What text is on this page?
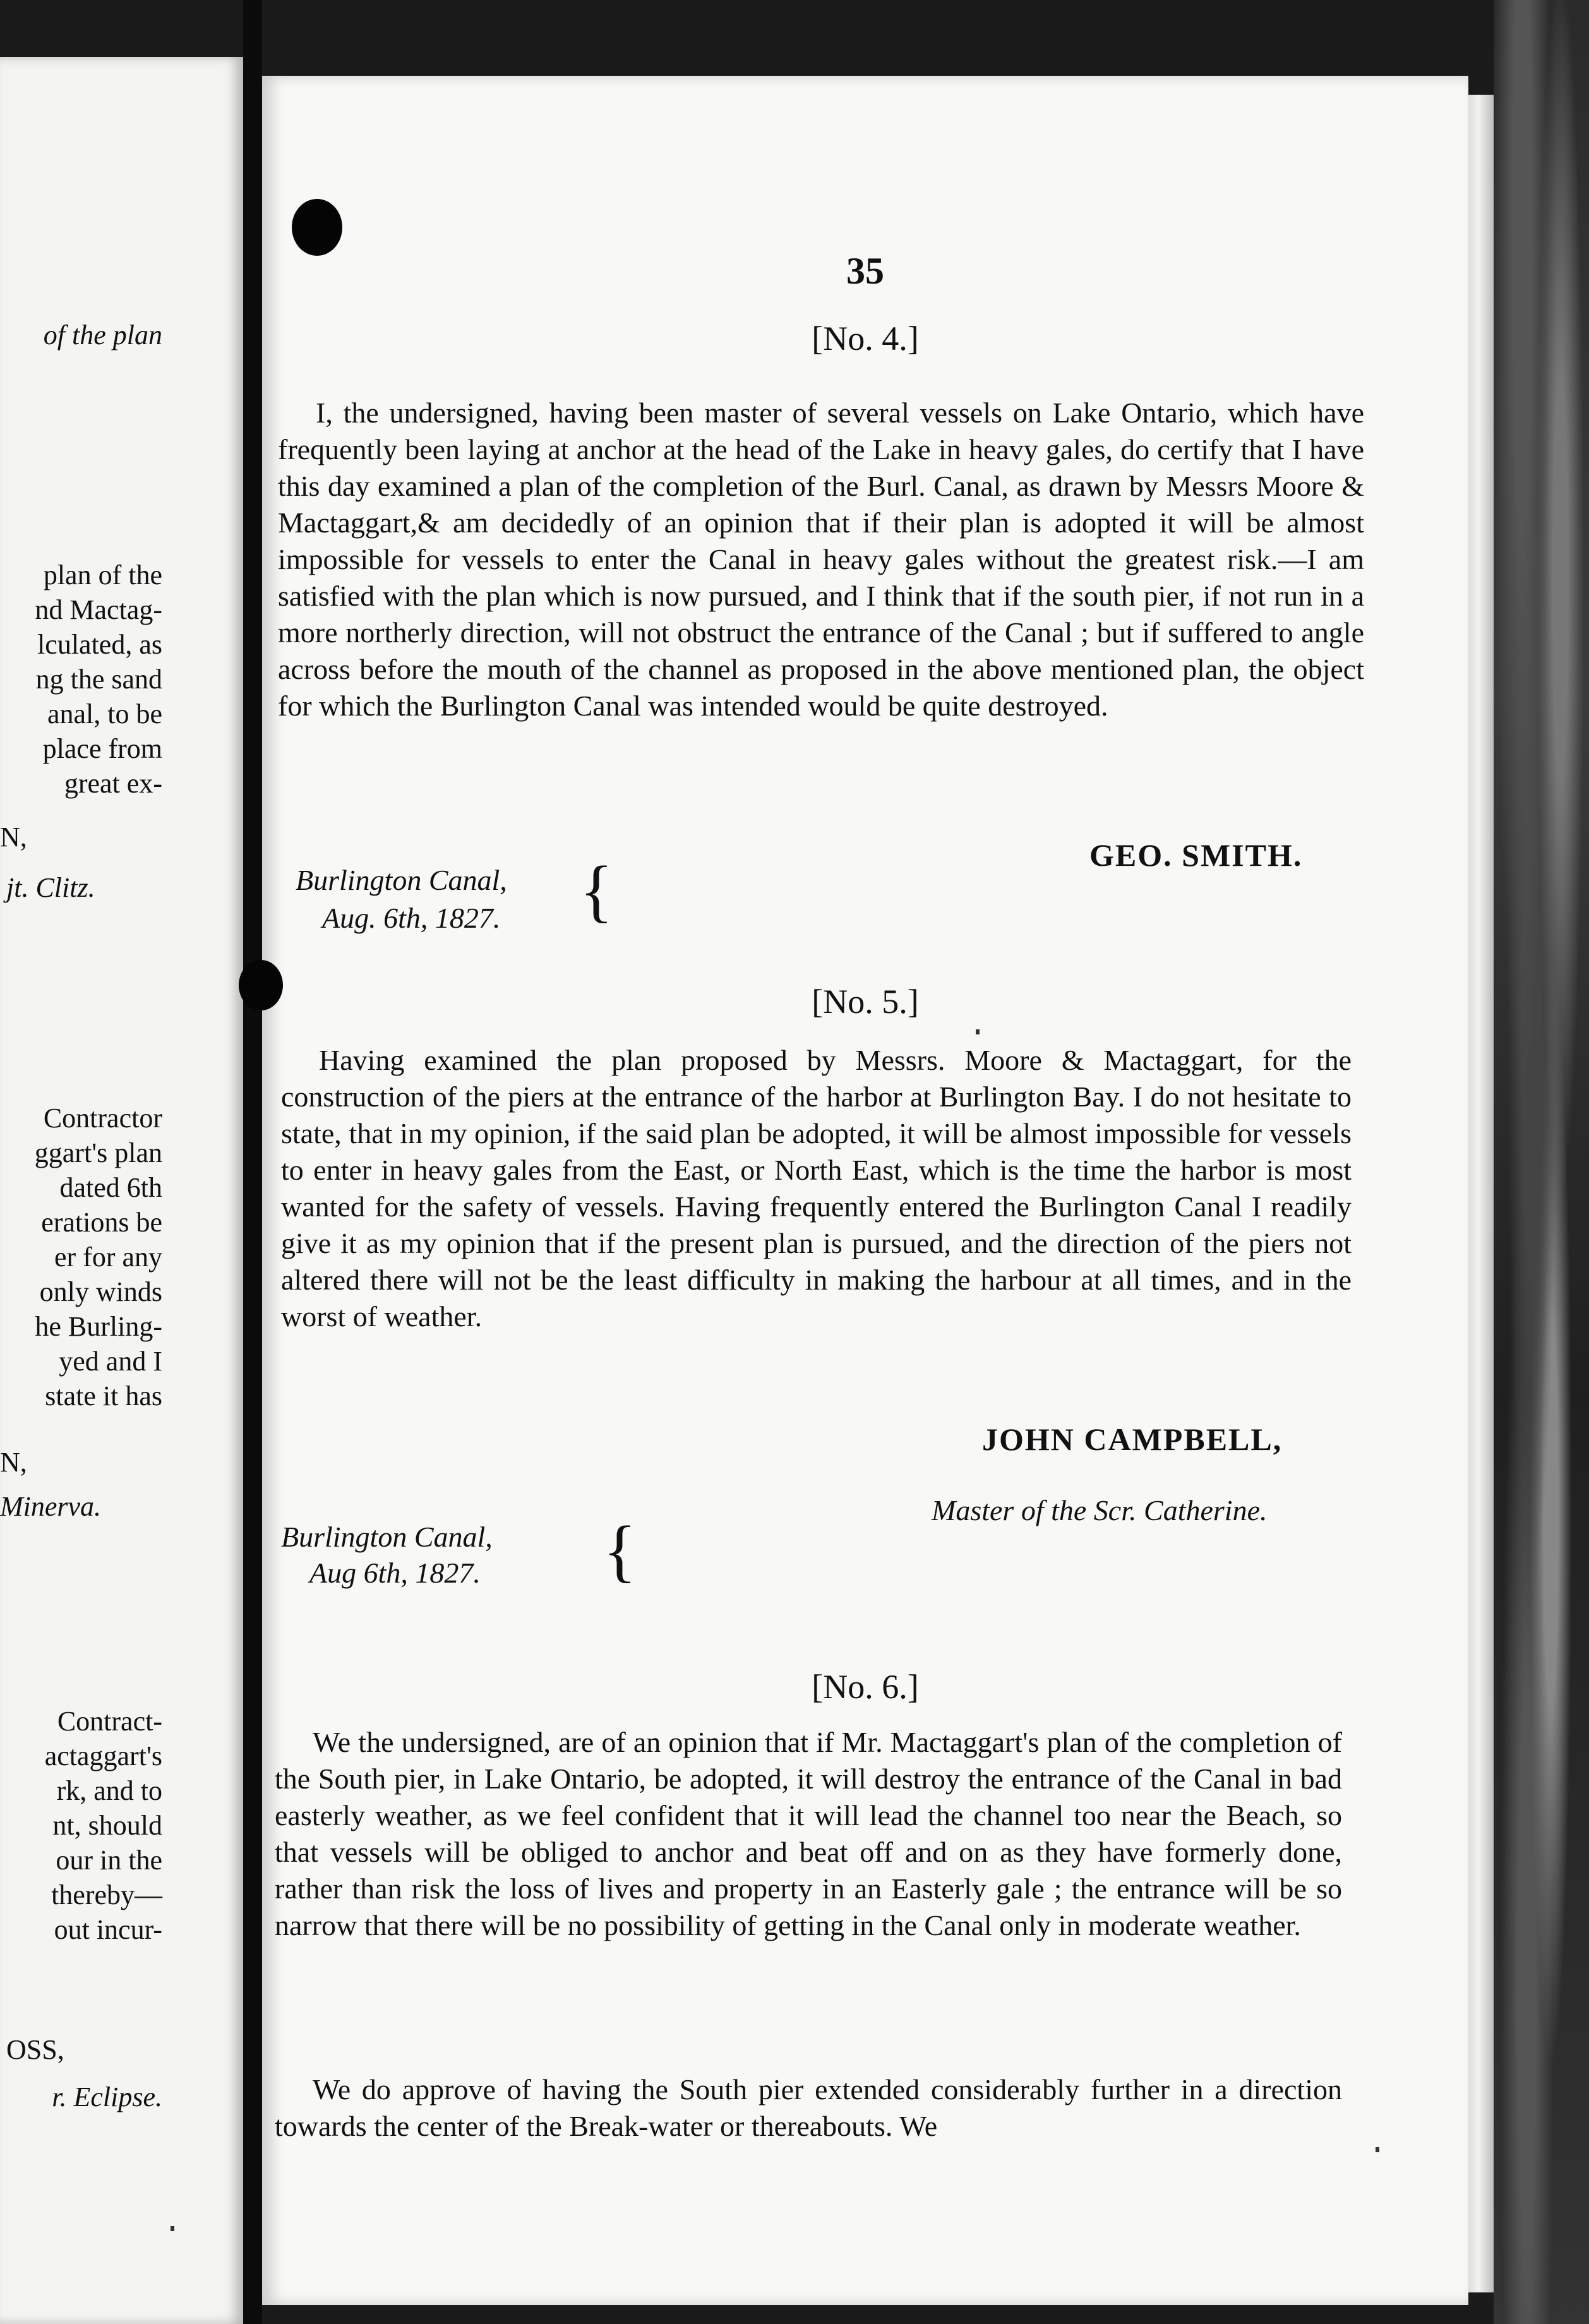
of the plan
plan of the
nd Mactag-
lculated, as
ng the sand
anal, to be
place from
great ex-
N,
jt. Clitz.
Contractor
ggart's plan
dated 6th
erations be
er for any
only winds
he Burling-
yed and I
state it has
N,
Minerva.
Contract-
actaggart's
rk, and to
nt, should
our in the
thereby—
out incur-
OSS,
r. Eclipse.
35
[No. 4.]
I, the undersigned, having been master of several vessels on Lake Ontario, which have frequently been laying at anchor at the head of the Lake in heavy gales, do certify that I have this day examined a plan of the completion of the Burl. Canal, as drawn by Messrs Moore & Mactaggart,& am decidedly of an opinion that if their plan is adopted it will be almost impossible for vessels to enter the Canal in heavy gales without the greatest risk.—I am satisfied with the plan which is now pursued, and I think that if the south pier, if not run in a more northerly direction, will not obstruct the entrance of the Canal ; but if suffered to angle across before the mouth of the channel as proposed in the above mentioned plan, the object for which the Burlington Canal was intended would be quite destroyed.
GEO. SMITH.
Burlington Canal,
Aug. 6th, 1827. {
[No. 5.]
Having examined the plan proposed by Messrs. Moore & Mactaggart, for the construction of the piers at the entrance of the harbor at Burlington Bay. I do not hesitate to state, that in my opinion, if the said plan be adopted, it will be almost impossible for vessels to enter in heavy gales from the East, or North East, which is the time the harbor is most wanted for the safety of vessels. Having frequently entered the Burlington Canal I readily give it as my opinion that if the present plan is pursued, and the direction of the piers not altered there will not be the least difficulty in making the harbour at all times, and in the worst of weather.
JOHN CAMPBELL,
Master of the Scr. Catherine.
Burlington Canal,
Aug 6th, 1827. {
[No. 6.]
We the undersigned, are of an opinion that if Mr. Mactaggart's plan of the completion of the South pier, in Lake Ontario, be adopted, it will destroy the entrance of the Canal in bad easterly weather, as we feel confident that it will lead the channel too near the Beach, so that vessels will be obliged to anchor and beat off and on as they have formerly done, rather than risk the loss of lives and property in an Easterly gale ; the entrance will be so narrow that there will be no possibility of getting in the Canal only in moderate weather.
We do approve of having the South pier extended considerably further in a direction towards the center of the Break-water or thereabouts. We
